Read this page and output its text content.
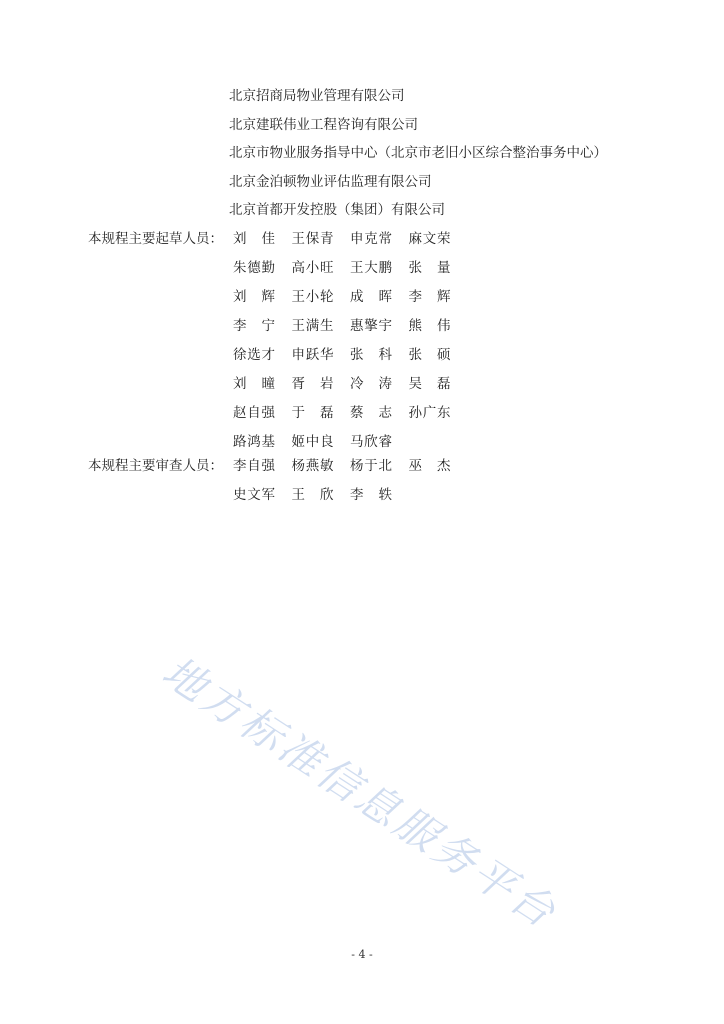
北京招商局物业管理有限公司
北京建联伟业工程咨询有限公司
北京市物业服务指导中心（北京市老旧小区综合整治事务中心）
北京金泊顿物业评估监理有限公司
北京首都开发控股（集团）有限公司
本规程主要起草人员： 刘　佳 王保青 申克常 麻文荣
朱德勤 高小旺 王大鹏 张　量
刘　辉 王小轮 成　晖 李　辉
李　宁 王满生 惠擎宇 熊　伟
徐选才 申跃华 张　科 张　硕
刘　曈 胥　岩 冷　涛 吴　磊
赵自强 于　磊 蔡　志 孙广东
路鸿基 姬中良 马欣睿
本规程主要审查人员： 李自强 杨燕敏 杨于北 巫　杰
史文军 王　欣 李　轶
地方标准信息服务平台
- 4 -
